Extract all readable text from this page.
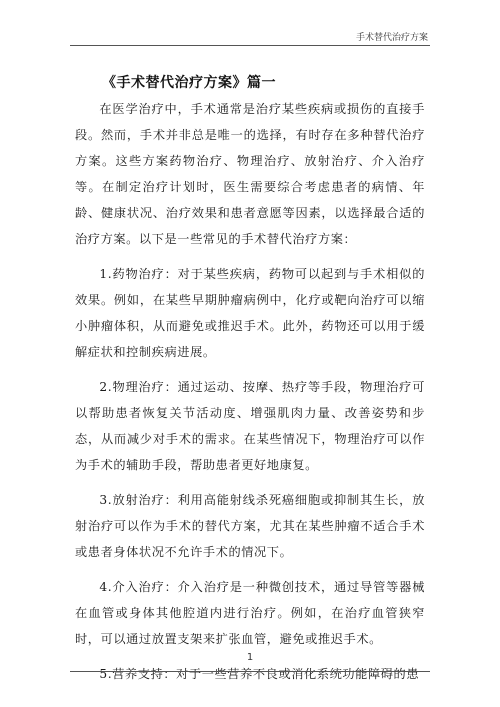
手术替代治疗方案
《手术替代治疗方案》篇一

在医学治疗中，手术通常是治疗某些疾病或损伤的直接手段。然而，手术并非总是唯一的选择，有时存在多种替代治疗方案。这些方案药物治疗、物理治疗、放射治疗、介入治疗等。在制定治疗计划时，医生需要综合考虑患者的病情、年龄、健康状况、治疗效果和患者意愿等因素，以选择最合适的治疗方案。以下是一些常见的手术替代治疗方案：

1.药物治疗：对于某些疾病，药物可以起到与手术相似的效果。例如，在某些早期肿瘤病例中，化疗或靶向治疗可以缩小肿瘤体积，从而避免或推迟手术。此外，药物还可以用于缓解症状和控制疾病进展。

2.物理治疗：通过运动、按摩、热疗等手段，物理治疗可以帮助患者恢复关节活动度、增强肌肉力量、改善姿势和步态，从而减少对手术的需求。在某些情况下，物理治疗可以作为手术的辅助手段，帮助患者更好地康复。

3.放射治疗：利用高能射线杀死癌细胞或抑制其生长，放射治疗可以作为手术的替代方案，尤其在某些肿瘤不适合手术或患者身体状况不允许手术的情况下。

4.介入治疗：介入治疗是一种微创技术，通过导管等器械在血管或身体其他腔道内进行治疗。例如，在治疗血管狭窄时，可以通过放置支架来扩张血管，避免或推迟手术。

5.营养支持：对于一些营养不良或消化系统功能障碍的患

1
